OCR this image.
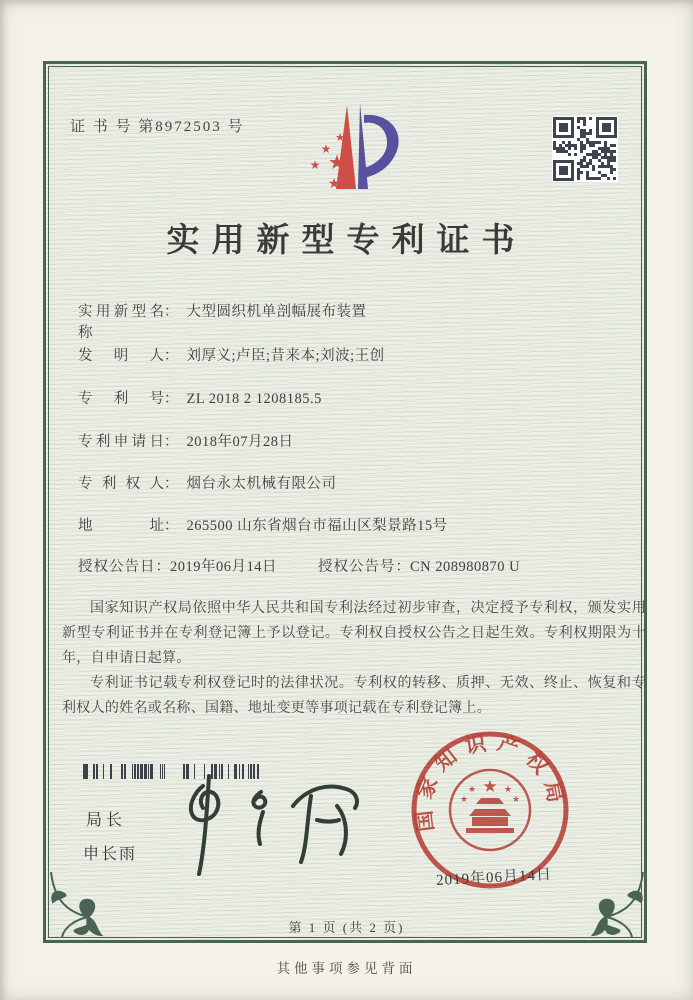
证 书 号 第8972503 号
★
★
★
★
★
实用新型专利证书
实用新型名称： 大型圆织机单剖幅展布装置
发明人： 刘厚义;卢臣;昔来本;刘波;王创
专利号： ZL 2018 2 1208185.5
专利申请日： 2018年07月28日
专利权人： 烟台永太机械有限公司
地址： 265500 山东省烟台市福山区梨景路15号
授权公告日：2019年06月14日	授权公告号：CN 208980870 U

国家知识产权局依照中华人民共和国专利法经过初步审查，决定授予专利权，颁发实用新型专利证书并在专利登记簿上予以登记。专利权自授权公告之日起生效。专利权期限为十年，自申请日起算。

专利证书记载专利权登记时的法律状况。专利权的转移、质押、无效、终止、恢复和专利权人的姓名或名称、国籍、地址变更等事项记载在专利登记簿上。

局长
申长雨
国家知识产权局
★
★
★
★
★
2019年06月14日
第 1 页 (共 2 页)
其他事项参见背面
